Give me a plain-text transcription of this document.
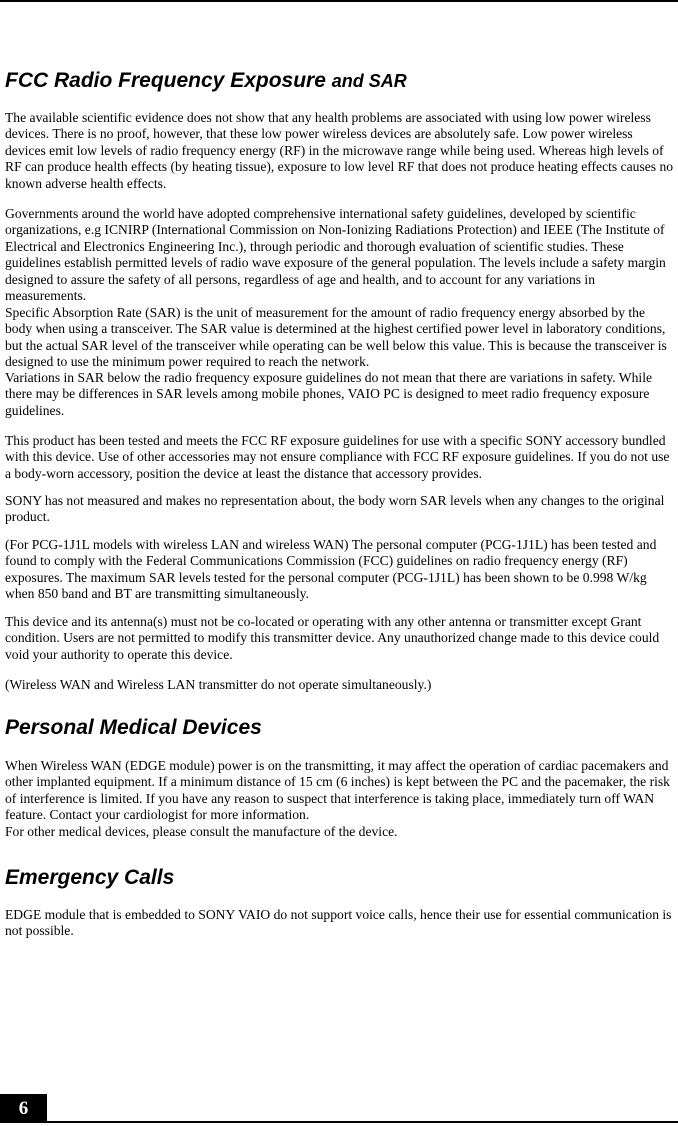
FCC Radio Frequency Exposure and SAR

The available scientific evidence does not show that any health problems are associated with using low power wireless devices. There is no proof, however, that these low power wireless devices are absolutely safe. Low power wireless devices emit low levels of radio frequency energy (RF) in the microwave range while being used. Whereas high levels of RF can produce health effects (by heating tissue), exposure to low level RF that does not produce heating effects causes no known adverse health effects.

Governments around the world have adopted comprehensive international safety guidelines, developed by scientific organizations, e.g ICNIRP (International Commission on Non-Ionizing Radiations Protection) and IEEE (The Institute of Electrical and Electronics Engineering Inc.), through periodic and thorough evaluation of scientific studies. These guidelines establish permitted levels of radio wave exposure of the general population. The levels include a safety margin designed to assure the safety of all persons, regardless of age and health, and to account for any variations in measurements.

Specific Absorption Rate (SAR) is the unit of measurement for the amount of radio frequency energy absorbed by the body when using a transceiver. The SAR value is determined at the highest certified power level in laboratory conditions, but the actual SAR level of the transceiver while operating can be well below this value. This is because the transceiver is designed to use the minimum power required to reach the network.

Variations in SAR below the radio frequency exposure guidelines do not mean that there are variations in safety. While there may be differences in SAR levels among mobile phones, VAIO PC is designed to meet radio frequency exposure guidelines.

This product has been tested and meets the FCC RF exposure guidelines for use with a specific SONY accessory bundled with this device. Use of other accessories may not ensure compliance with FCC RF exposure guidelines. If you do not use a body-worn accessory, position the device at least the distance that accessory provides.

SONY has not measured and makes no representation about, the body worn SAR levels when any changes to the original product.

(For PCG-1J1L models with wireless LAN and wireless WAN) The personal computer (PCG-1J1L) has been tested and found to comply with the Federal Communications Commission (FCC) guidelines on radio frequency energy (RF) exposures. The maximum SAR levels tested for the personal computer (PCG-1J1L) has been shown to be 0.998 W/kg when 850 band and BT are transmitting simultaneously.

This device and its antenna(s) must not be co-located or operating with any other antenna or transmitter except Grant condition. Users are not permitted to modify this transmitter device. Any unauthorized change made to this device could void your authority to operate this device.

(Wireless WAN and Wireless LAN transmitter do not operate simultaneously.)

Personal Medical Devices

When Wireless WAN (EDGE module) power is on the transmitting, it may affect the operation of cardiac pacemakers and other implanted equipment. If a minimum distance of 15 cm (6 inches) is kept between the PC and the pacemaker, the risk of interference is limited. If you have any reason to suspect that interference is taking place, immediately turn off WAN feature. Contact your cardiologist for more information.

For other medical devices, please consult the manufacture of the device.

Emergency Calls

EDGE module that is embedded to SONY VAIO do not support voice calls, hence their use for essential communication is not possible.

6
